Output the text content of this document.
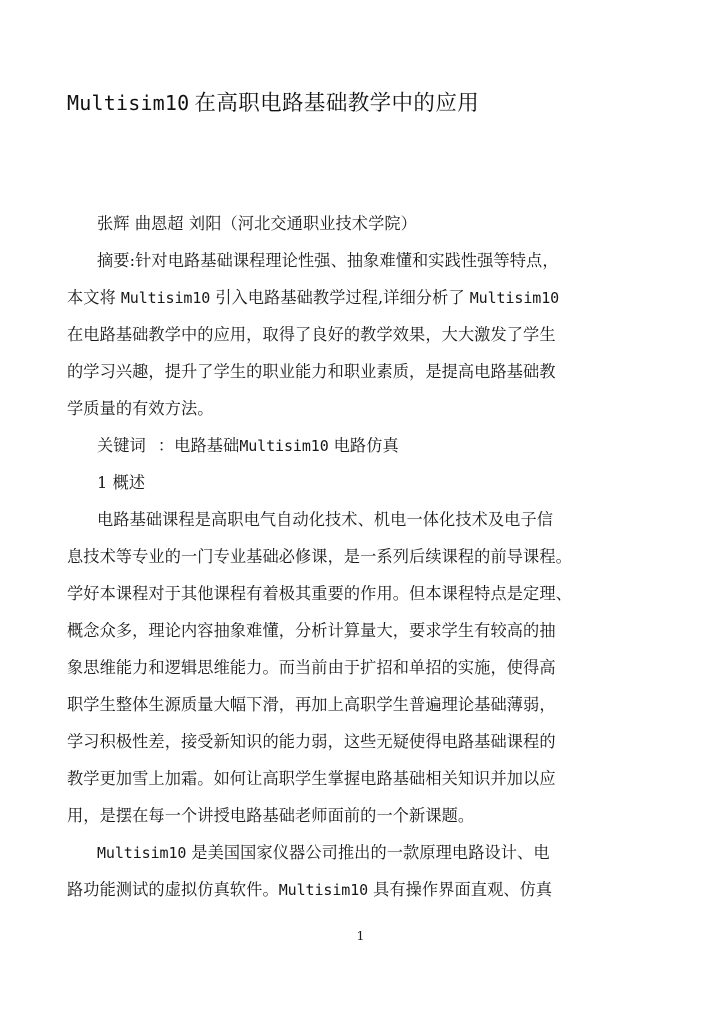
Multisim10 在高职电路基础教学中的应用
张辉 曲恩超 刘阳（河北交通职业技术学院）
摘要:针对电路基础课程理论性强、抽象难懂和实践性强等特点，
本文将 Multisim10 引入电路基础教学过程,详细分析了 Multisim10
在电路基础教学中的应用，取得了良好的教学效果，大大激发了学生
的学习兴趣，提升了学生的职业能力和职业素质，是提高电路基础教
学质量的有效方法。
关键词 ：电路基础Multisim10 电路仿真
1 概述
电路基础课程是高职电气自动化技术、机电一体化技术及电子信
息技术等专业的一门专业基础必修课，是一系列后续课程的前导课程。
学好本课程对于其他课程有着极其重要的作用。但本课程特点是定理、
概念众多，理论内容抽象难懂，分析计算量大，要求学生有较高的抽
象思维能力和逻辑思维能力。而当前由于扩招和单招的实施，使得高
职学生整体生源质量大幅下滑，再加上高职学生普遍理论基础薄弱，
学习积极性差，接受新知识的能力弱，这些无疑使得电路基础课程的
教学更加雪上加霜。如何让高职学生掌握电路基础相关知识并加以应
用，是摆在每一个讲授电路基础老师面前的一个新课题。
Multisim10 是美国国家仪器公司推出的一款原理电路设计、电
路功能测试的虚拟仿真软件。Multisim10 具有操作界面直观、仿真
1
